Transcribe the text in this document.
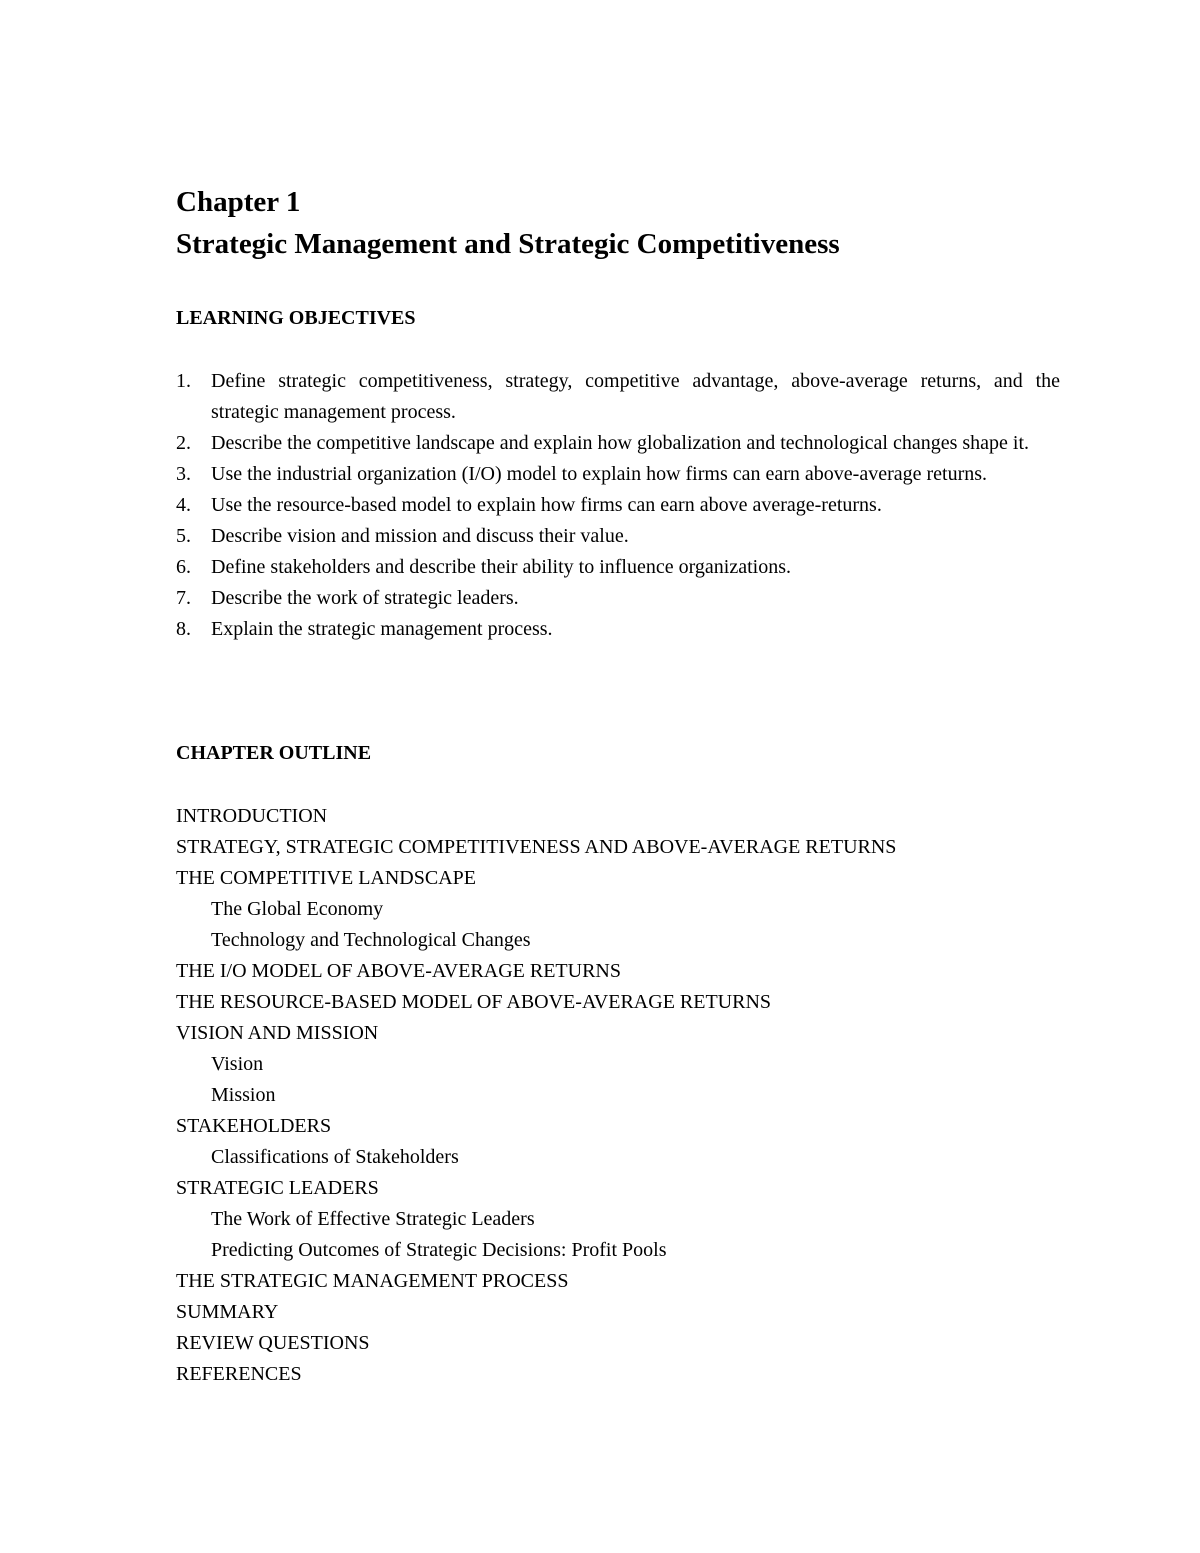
Chapter 1
Strategic Management and Strategic Competitiveness
LEARNING OBJECTIVES
1. Define strategic competitiveness, strategy, competitive advantage, above-average returns, and the strategic management process.
2. Describe the competitive landscape and explain how globalization and technological changes shape it.
3. Use the industrial organization (I/O) model to explain how firms can earn above-average returns.
4. Use the resource-based model to explain how firms can earn above average-returns.
5. Describe vision and mission and discuss their value.
6. Define stakeholders and describe their ability to influence organizations.
7. Describe the work of strategic leaders.
8. Explain the strategic management process.
CHAPTER OUTLINE
INTRODUCTION
STRATEGY, STRATEGIC COMPETITIVENESS AND ABOVE-AVERAGE RETURNS
THE COMPETITIVE LANDSCAPE
The Global Economy
Technology and Technological Changes
THE I/O MODEL OF ABOVE-AVERAGE RETURNS
THE RESOURCE-BASED MODEL OF ABOVE-AVERAGE RETURNS
VISION AND MISSION
Vision
Mission
STAKEHOLDERS
Classifications of Stakeholders
STRATEGIC LEADERS
The Work of Effective Strategic Leaders
Predicting Outcomes of Strategic Decisions: Profit Pools
THE STRATEGIC MANAGEMENT PROCESS
SUMMARY
REVIEW QUESTIONS
REFERENCES
